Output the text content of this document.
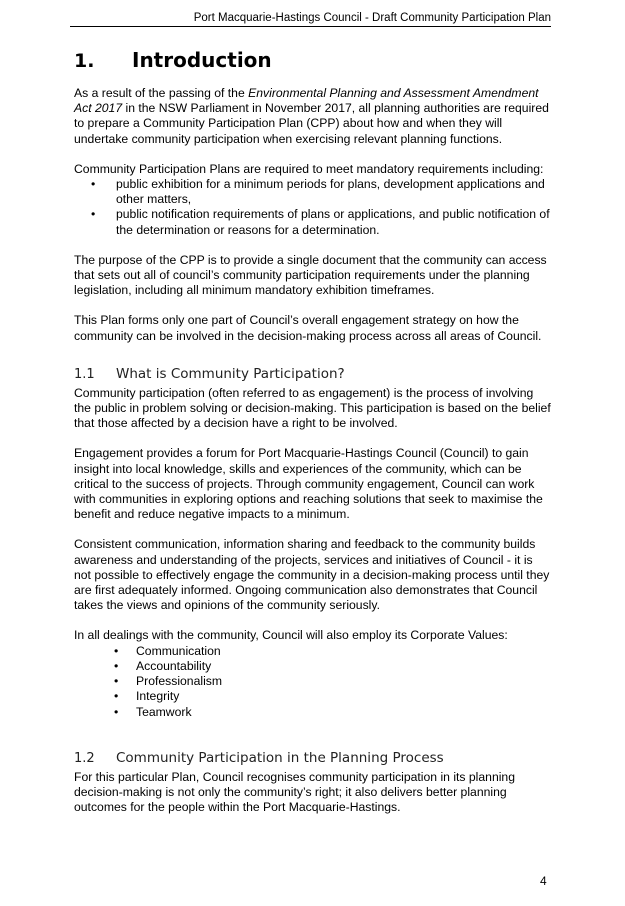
Port Macquarie-Hastings Council - Draft Community Participation Plan
1.	Introduction

As a result of the passing of the Environmental Planning and Assessment Amendment Act 2017 in the NSW Parliament in November 2017, all planning authorities are required to prepare a Community Participation Plan (CPP) about how and when they will undertake community participation when exercising relevant planning functions.

Community Participation Plans are required to meet mandatory requirements including:

• public exhibition for a minimum periods for plans, development applications and other matters,
• public notification requirements of plans or applications, and public notification of the determination or reasons for a determination.

The purpose of the CPP is to provide a single document that the community can access that sets out all of council’s community participation requirements under the planning legislation, including all minimum mandatory exhibition timeframes.

This Plan forms only one part of Council’s overall engagement strategy on how the community can be involved in the decision-making process across all areas of Council.

1.1	What is Community Participation?

Community participation (often referred to as engagement) is the process of involving the public in problem solving or decision-making. This participation is based on the belief that those affected by a decision have a right to be involved.

Engagement provides a forum for Port Macquarie-Hastings Council (Council) to gain insight into local knowledge, skills and experiences of the community, which can be critical to the success of projects. Through community engagement, Council can work with communities in exploring options and reaching solutions that seek to maximise the benefit and reduce negative impacts to a minimum.

Consistent communication, information sharing and feedback to the community builds awareness and understanding of the projects, services and initiatives of Council - it is not possible to effectively engage the community in a decision-making process until they are first adequately informed. Ongoing communication also demonstrates that Council takes the views and opinions of the community seriously.

In all dealings with the community, Council will also employ its Corporate Values:

• Communication
• Accountability
• Professionalism
• Integrity
• Teamwork
1.2	Community Participation in the Planning Process

For this particular Plan, Council recognises community participation in its planning decision-making is not only the community’s right; it also delivers better planning outcomes for the people within the Port Macquarie-Hastings.

4
